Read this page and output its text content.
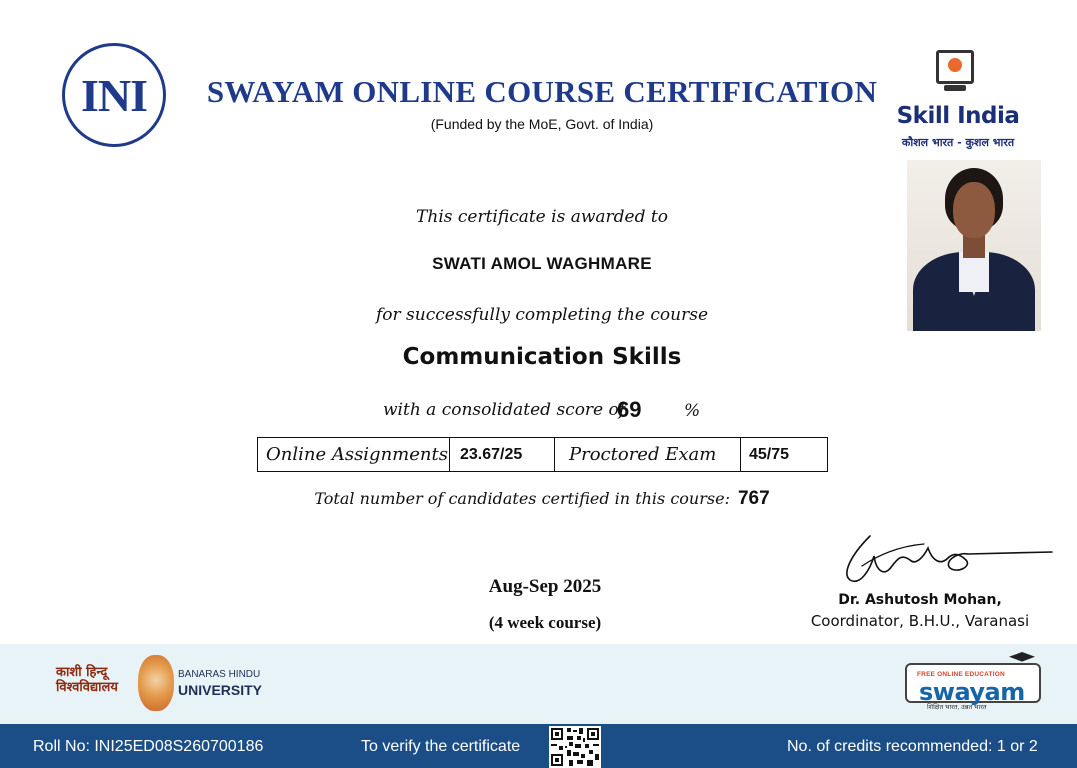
INI	SWAYAM ONLINE COURSE CERTIFICATION
(Funded by the MoE, Govt. of India)	Skill India
कौशल भारत - कुशल भारत
This certificate is awarded to
SWATI AMOL WAGHMARE
for successfully completing the course
Communication Skills
with a consolidated score of
69	%
Online Assignments 23.67/25	Proctored Exam	45/75
Total number of candidates certified in this course: 767
Aug-Sep 2025
(4 week course)
Dr. Ashutosh Mohan,
Coordinator, B.H.U., Varanasi
काशी हिन्दू
विश्वविद्यालय
BANARAS HINDU
UNIVERSITY
FREE ONLINE EDUCATION
swayam
शिक्षित भारत, उन्नत भारत
Roll No: INI25ED08S260700186	To verify the certificate	No. of credits recommended: 1 or 2
